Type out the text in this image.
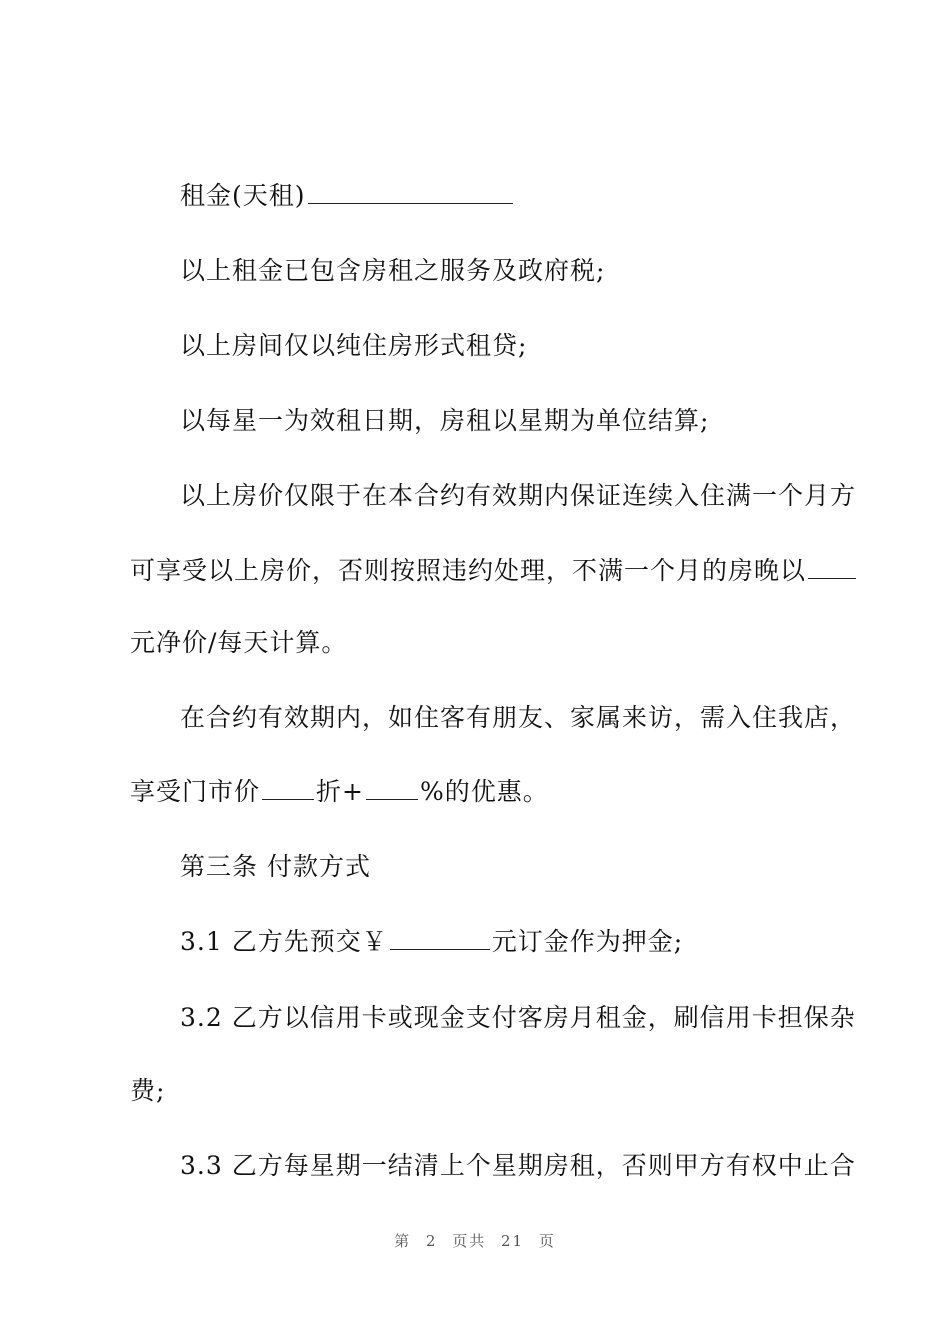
租金(天租)
以上租金已包含房租之服务及政府税;
以上房间仅以纯住房形式租贷;
以每星一为效租日期，房租以星期为单位结算;
以上房价仅限于在本合约有效期内保证连续入住满一个月方
可享受以上房价，否则按照违约处理，不满一个月的房晚以
元净价/每天计算。
在合约有效期内，如住客有朋友、家属来访，需入住我店，
享受门市价 折+ %的优惠。
第三条 付款方式
3.1 乙方先预交￥	元订金作为押金;
3.2 乙方以信用卡或现金支付客房月租金，刷信用卡担保杂
费;
3.3 乙方每星期一结清上个星期房租，否则甲方有权中止合
第 2 页共 21 页
